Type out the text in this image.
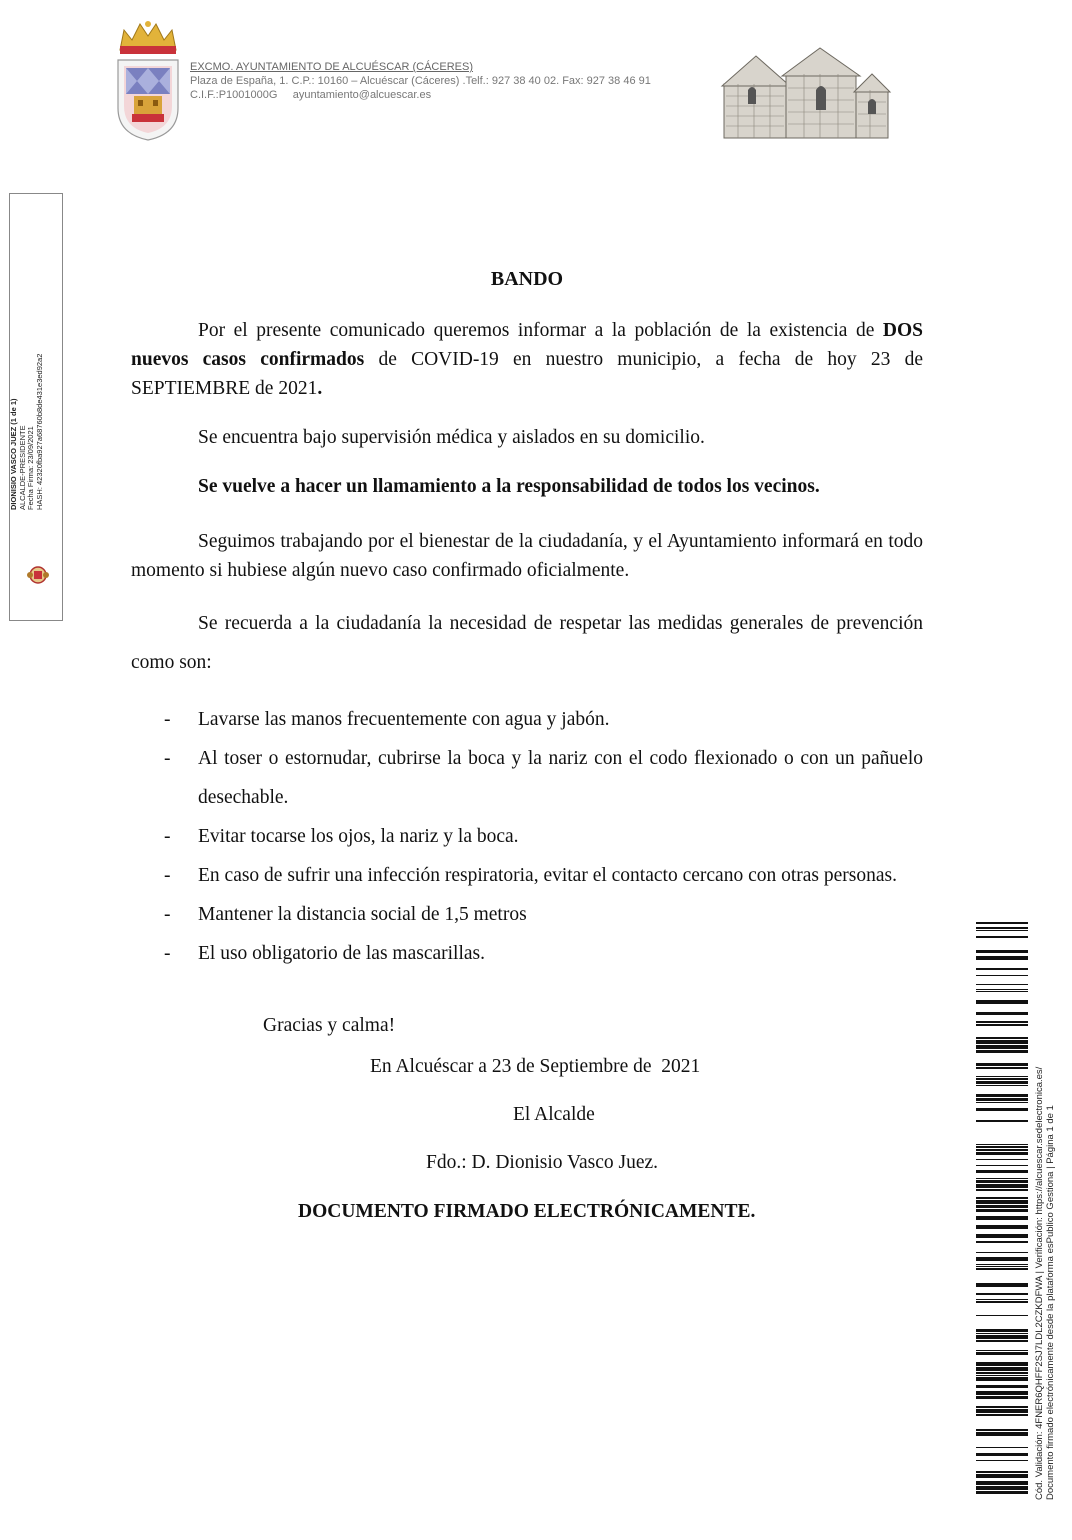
EXCMO. AYUNTAMIENTO DE ALCUÉSCAR (CÁCERES)
Plaza de España, 1. C.P.: 10160 – Alcuéscar (Cáceres) .Telf.: 927 38 40 02. Fax: 927 38 46 91
C.I.F.:P1001000G ayuntamiento@alcuescar.es
DIONISIO VASCO JUEZ (1 de 1) ALCALDE-PRESIDENTE Fecha Firma: 23/09/2021 HASH: 42320fba927a68760b8de431e3ed92a2
BANDO
Por el presente comunicado queremos informar a la población de la existencia de DOS nuevos casos confirmados de COVID-19 en nuestro municipio, a fecha de hoy 23 de SEPTIEMBRE de 2021.
Se encuentra bajo supervisión médica y aislados en su domicilio.
Se vuelve a hacer un llamamiento a la responsabilidad de todos los vecinos.
Seguimos trabajando por el bienestar de la ciudadanía, y el Ayuntamiento informará en todo momento si hubiese algún nuevo caso confirmado oficialmente.
Se recuerda a la ciudadanía la necesidad de respetar las medidas generales de prevención como son:
- Lavarse las manos frecuentemente con agua y jabón.
- Al toser o estornudar, cubrirse la boca y la nariz con el codo flexionado o con un pañuelo desechable.
- Evitar tocarse los ojos, la nariz y la boca.
- En caso de sufrir una infección respiratoria, evitar el contacto cercano con otras personas.
- Mantener la distancia social de 1,5 metros
- El uso obligatorio de las mascarillas.
Gracias y calma!
En Alcuéscar a 23 de Septiembre de  2021
El Alcalde
Fdo.: D. Dionisio Vasco Juez.
DOCUMENTO FIRMADO ELECTRÓNICAMENTE.	Cód. Validación: 4FNER6QHFF2SJ7LDL2CZKDFWA | Verificación: https://alcuescar.sedelectronica.es/ Documento firmado electrónicamente desde la plataforma esPublico Gestiona | Página 1 de 1
